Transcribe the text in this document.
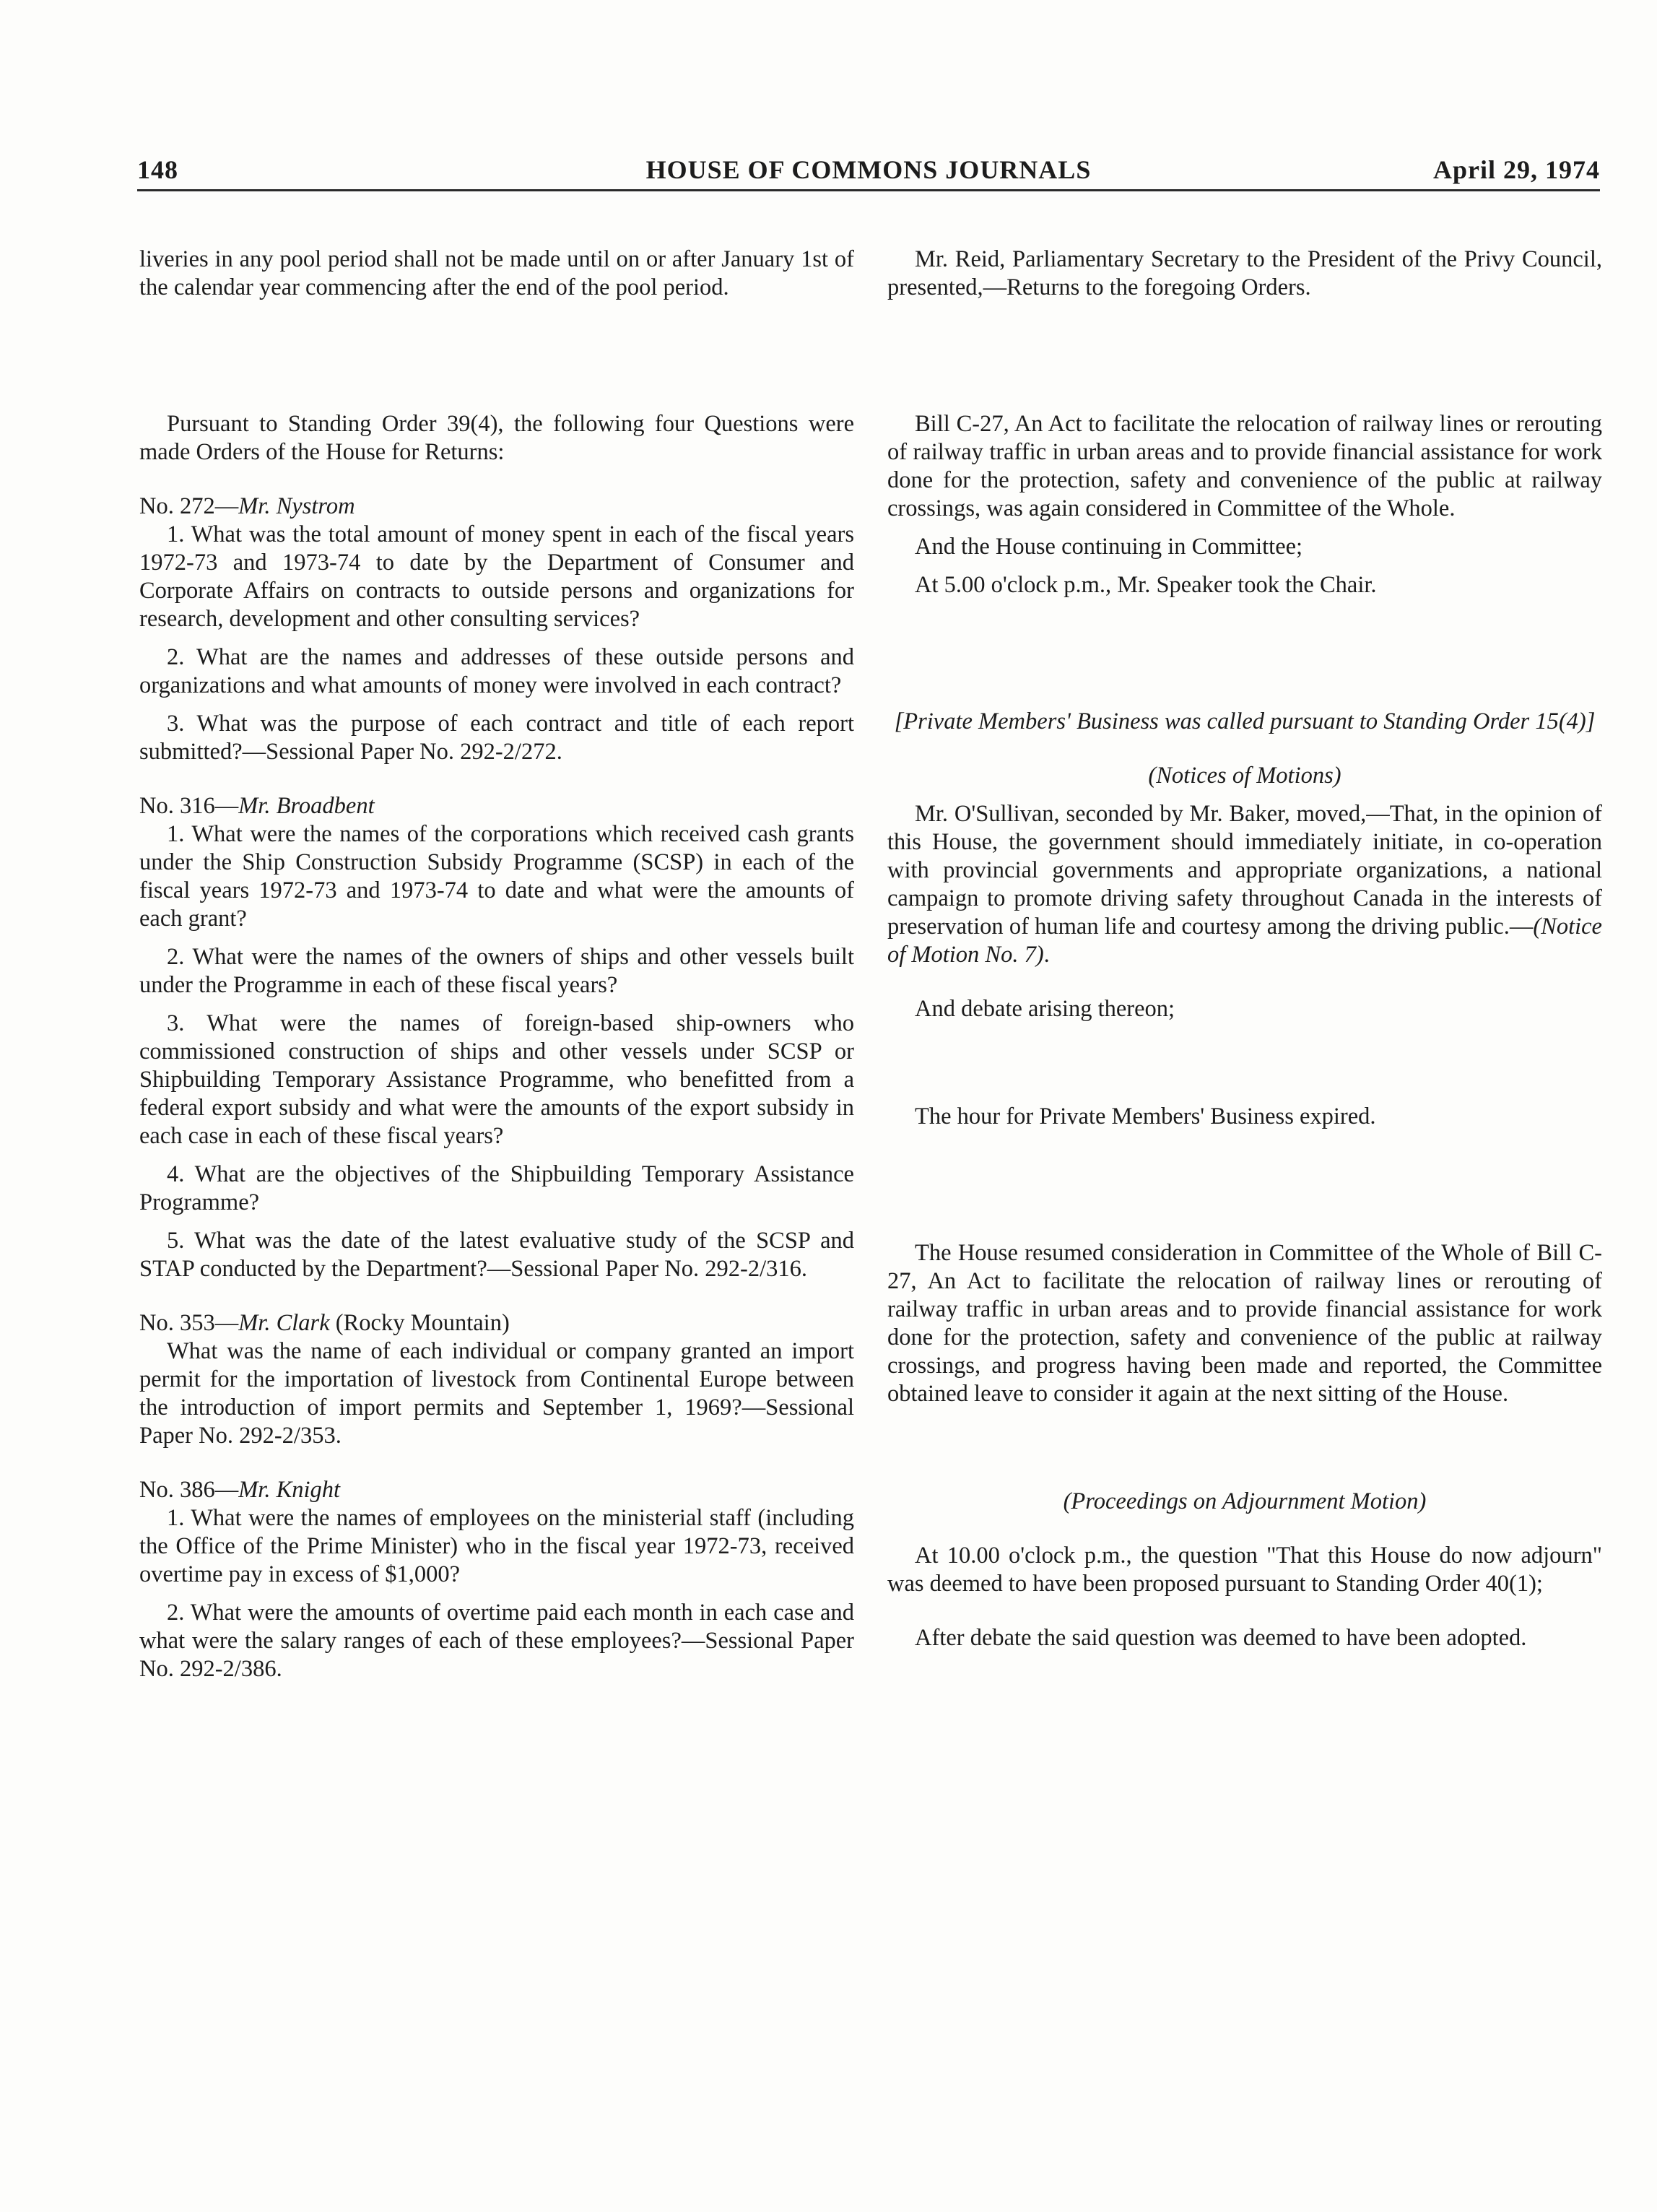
148	HOUSE OF COMMONS JOURNALS	April 29, 1974

liveries in any pool period shall not be made until on or after January 1st of the calendar year commencing after the end of the pool period.

Pursuant to Standing Order 39(4), the following four Questions were made Orders of the House for Returns:

No. 272—Mr. Nystrom

1. What was the total amount of money spent in each of the fiscal years 1972-73 and 1973-74 to date by the Department of Consumer and Corporate Affairs on contracts to outside persons and organizations for research, development and other consulting services?

2. What are the names and addresses of these outside persons and organizations and what amounts of money were involved in each contract?

3. What was the purpose of each contract and title of each report submitted?—Sessional Paper No. 292-2/272.

No. 316—Mr. Broadbent

1. What were the names of the corporations which received cash grants under the Ship Construction Subsidy Programme (SCSP) in each of the fiscal years 1972-73 and 1973-74 to date and what were the amounts of each grant?

2. What were the names of the owners of ships and other vessels built under the Programme in each of these fiscal years?

3. What were the names of foreign-based ship-owners who commissioned construction of ships and other vessels under SCSP or Shipbuilding Temporary Assistance Programme, who benefitted from a federal export subsidy and what were the amounts of the export subsidy in each case in each of these fiscal years?

4. What are the objectives of the Shipbuilding Temporary Assistance Programme?

5. What was the date of the latest evaluative study of the SCSP and STAP conducted by the Department?—Sessional Paper No. 292-2/316.

No. 353—Mr. Clark (Rocky Mountain)

What was the name of each individual or company granted an import permit for the importation of livestock from Continental Europe between the introduction of import permits and September 1, 1969?—Sessional Paper No. 292-2/353.

No. 386—Mr. Knight

1. What were the names of employees on the ministerial staff (including the Office of the Prime Minister) who in the fiscal year 1972-73, received overtime pay in excess of $1,000?

2. What were the amounts of overtime paid each month in each case and what were the salary ranges of each of these employees?—Sessional Paper No. 292-2/386.

Mr. Reid, Parliamentary Secretary to the President of the Privy Council, presented,—Returns to the foregoing Orders.

Bill C-27, An Act to facilitate the relocation of railway lines or rerouting of railway traffic in urban areas and to provide financial assistance for work done for the protection, safety and convenience of the public at railway crossings, was again considered in Committee of the Whole.

And the House continuing in Committee;

At 5.00 o'clock p.m., Mr. Speaker took the Chair.

[Private Members' Business was called pursuant to Standing Order 15(4)]

(Notices of Motions)

Mr. O'Sullivan, seconded by Mr. Baker, moved,—That, in the opinion of this House, the government should immediately initiate, in co-operation with provincial governments and appropriate organizations, a national campaign to promote driving safety throughout Canada in the interests of preservation of human life and courtesy among the driving public.—(Notice of Motion No. 7).

And debate arising thereon;

The hour for Private Members' Business expired.

The House resumed consideration in Committee of the Whole of Bill C-27, An Act to facilitate the relocation of railway lines or rerouting of railway traffic in urban areas and to provide financial assistance for work done for the protection, safety and convenience of the public at railway crossings, and progress having been made and reported, the Committee obtained leave to consider it again at the next sitting of the House.

(Proceedings on Adjournment Motion)

At 10.00 o'clock p.m., the question "That this House do now adjourn" was deemed to have been proposed pursuant to Standing Order 40(1);

After debate the said question was deemed to have been adopted.
